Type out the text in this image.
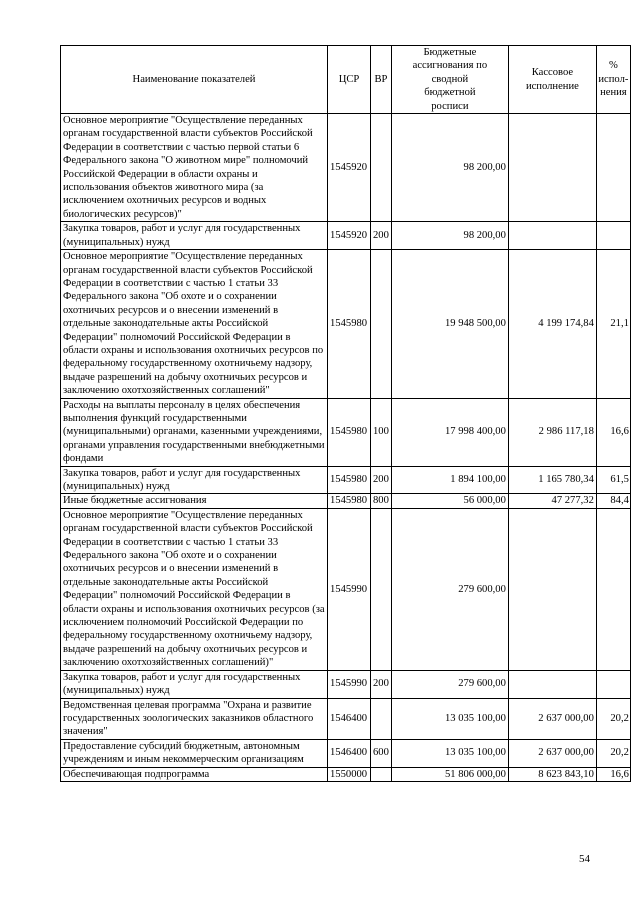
Наименование показателей	ЦСР	ВР	Бюджетные ассигнования по сводной бюджетной росписи	Кассовое исполнение	% испол-нения
Основное мероприятие "Осуществление переданных органам государственной власти субъектов Российской Федерации в соответствии с частью первой статьи 6 Федерального закона "О животном мире" полномочий Российской Федерации в области охраны и использования объектов животного мира (за исключением охотничьих ресурсов и водных биологических ресурсов)"	1545920		98 200,00		
Закупка товаров, работ и услуг для государственных (муниципальных) нужд	1545920	200	98 200,00		
Основное мероприятие "Осуществление переданных органам государственной власти субъектов Российской Федерации в соответствии с частью 1 статьи 33 Федерального закона "Об охоте и о сохранении охотничьих ресурсов и о внесении изменений в отдельные законодательные акты Российской Федерации" полномочий Российской Федерации в области охраны и использования охотничьих ресурсов по федеральному государственному охотничьему надзору, выдаче разрешений на добычу охотничьих ресурсов и заключению охотхозяйственных соглашений"	1545980		19 948 500,00	4 199 174,84	21,1
Расходы на выплаты персоналу в целях обеспечения выполнения функций государственными (муниципальными) органами, казенными учреждениями, органами управления государственными внебюджетными фондами	1545980	100	17 998 400,00	2 986 117,18	16,6
Закупка товаров, работ и услуг для государственных (муниципальных) нужд	1545980	200	1 894 100,00	1 165 780,34	61,5
Иные бюджетные ассигнования	1545980	800	56 000,00	47 277,32	84,4
Основное мероприятие "Осуществление переданных органам государственной власти субъектов Российской Федерации в соответствии с частью 1 статьи 33 Федерального закона "Об охоте и о сохранении охотничьих ресурсов и о внесении изменений в отдельные законодательные акты Российской Федерации" полномочий Российской Федерации в области охраны и использования охотничьих ресурсов (за исключением полномочий Российской Федерации по федеральному государственному охотничьему надзору, выдаче разрешений на добычу охотничьих ресурсов и заключению охотхозяйственных соглашений)"	1545990		279 600,00		
Закупка товаров, работ и услуг для государственных (муниципальных) нужд	1545990	200	279 600,00		
Ведомственная целевая программа "Охрана и развитие государственных зоологических заказников областного значения"	1546400		13 035 100,00	2 637 000,00	20,2
Предоставление субсидий бюджетным, автономным учреждениям и иным некоммерческим организациям	1546400	600	13 035 100,00	2 637 000,00	20,2
Обеспечивающая подпрограмма	1550000		51 806 000,00	8 623 843,10	16,6
54
